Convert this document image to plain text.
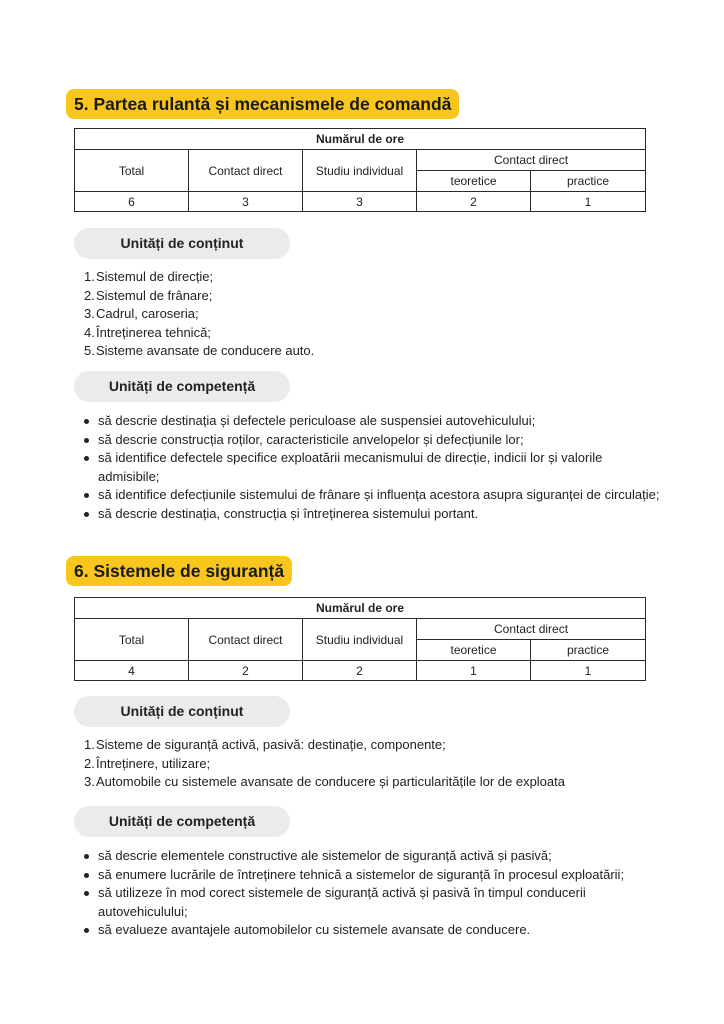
5. Partea rulantă și mecanismele de comandă
Numărul de ore				
Total	Contact direct	Studiu individual	Contact direct	
			teoretice	practice
6	3	3	2	1
Unități de conținut
1.Sistemul de direcție;
2.Sistemul de frânare;
3.Cadrul, caroseria;
4.Întreținerea tehnică;
5.Sisteme avansate de conducere auto.
Unități de competență
să descrie destinația și defectele periculoase ale suspensiei autovehiculului;
să descrie construcția roților, caracteristicile anvelopelor și defecțiunile lor;
să identifice defectele specifice exploatării mecanismului de direcție, indicii lor și valorile admisibile;
să identifice defecțiunile sistemului de frânare și influența acestora asupra siguranței de circulație;
să descrie destinația, construcția și întreținerea sistemului portant.
6. Sistemele de siguranță
Numărul de ore				
Total	Contact direct	Studiu individual	Contact direct	
			teoretice	practice
4	2	2	1	1
Unități de conținut
1.Sisteme de siguranță activă, pasivă: destinație, componente;
2.Întreținere, utilizare;
3.Automobile cu sistemele avansate de conducere și particularitățile lor de exploata
Unități de competență
să descrie elementele constructive ale sistemelor de siguranță activă și pasivă;
să enumere lucrările de întreținere tehnică a sistemelor de siguranță în procesul exploatării;
să utilizeze în mod corect sistemele de siguranță activă și pasivă în timpul conducerii autovehiculului;
să evalueze avantajele automobilelor cu sistemele avansate de conducere.
